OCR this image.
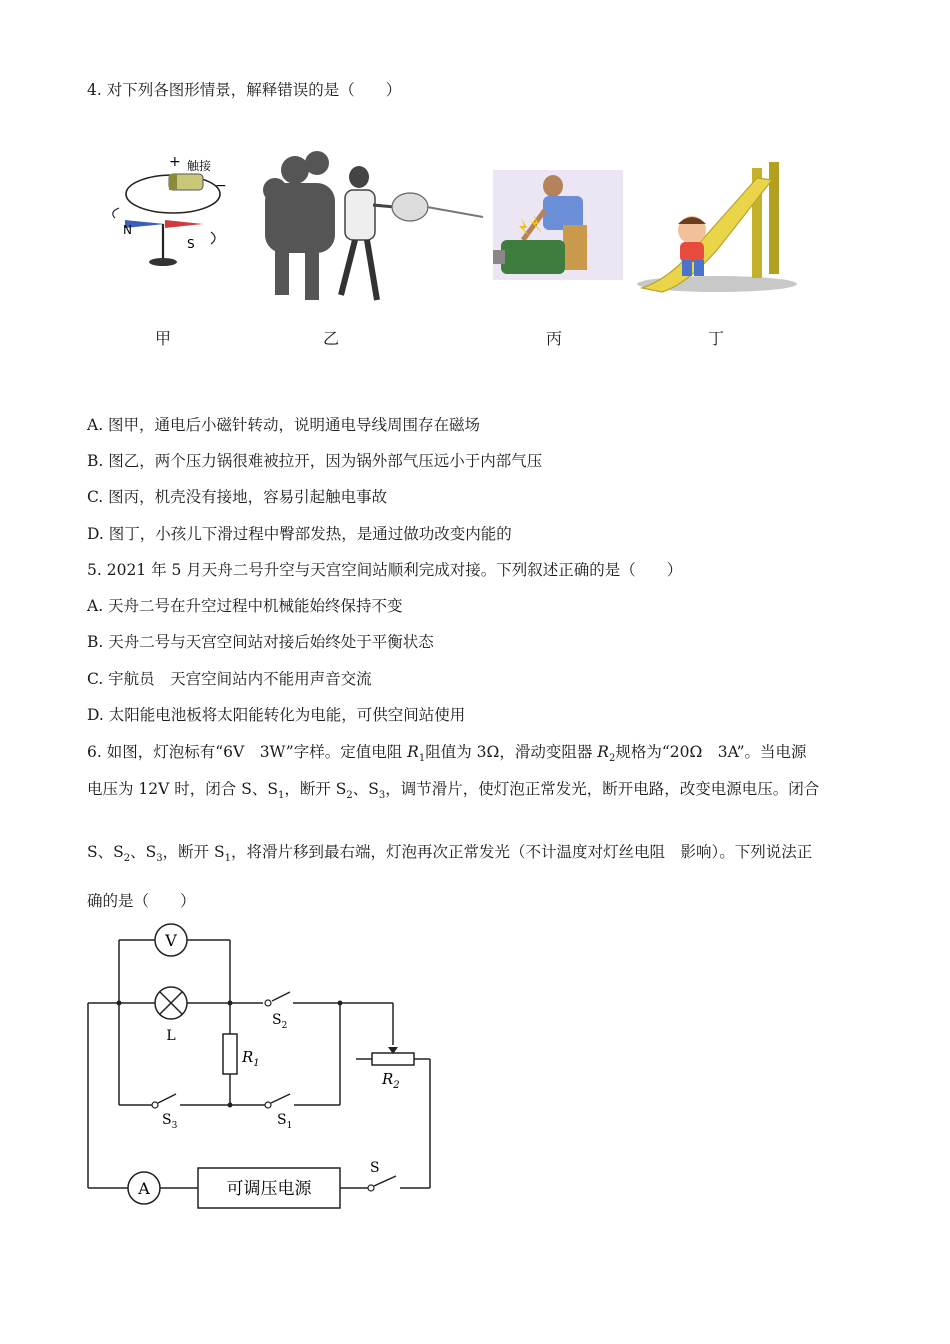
4. 对下列各图形情景，解释错误的是（　　）
+
−
触接
N
S
甲	乙	丙	丁
A. 图甲，通电后小磁针转动，说明通电导线周围存在磁场
B. 图乙，两个压力锅很难被拉开，因为锅外部气压远小于内部气压
C. 图丙，机壳没有接地，容易引起触电事故
D. 图丁，小孩儿下滑过程中臀部发热，是通过做功改变内能的
5. 2021 年 5 月天舟二号升空与天宫空间站顺利完成对接。下列叙述正确的是（　　）
A. 天舟二号在升空过程中机械能始终保持不变
B. 天舟二号与天宫空间站对接后始终处于平衡状态
C. 宇航员　天宫空间站内不能用声音交流
D. 太阳能电池板将太阳能转化为电能，可供空间站使用
6. 如图，灯泡标有“6V　3W”字样。定值电阻 $R_1$阻值为 3Ω，滑动变阻器 $R_2$规格为“20Ω　3A”。当电源
电压为 12V 时，闭合 S、$S_1$，断开 $S_2$、$S_3$，调节滑片，使灯泡正常发光，断开电路，改变电源电压。闭合
S、$S_2$、$S_3$，断开 $S_1$，将滑片移到最右端，灯泡再次正常发光（不计温度对灯丝电阻　影响）。下列说法正
确的是（　　）
V
L
$R_1$
$R_2$
$S_2$
$S_3$	$S_1$
S
A	可调压电源
